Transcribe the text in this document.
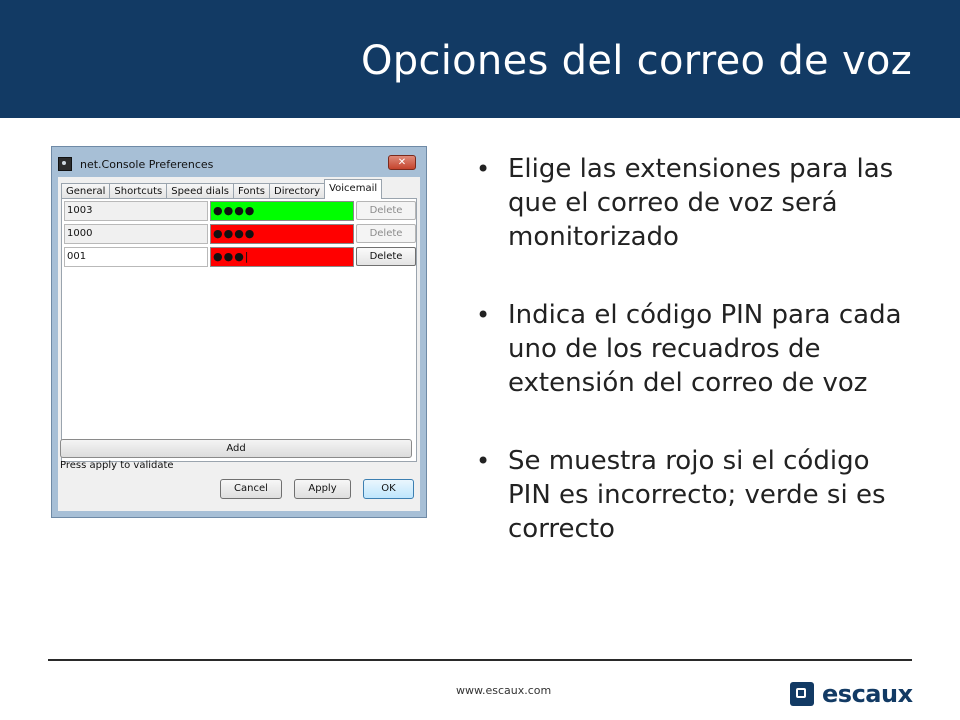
Opciones del correo de voz
net.Console Preferences	✕
General Shortcuts Speed dials Fonts Directory Voicemail
1003	●●●●	Delete
1000	●●●●	Delete
001	●●●|	Delete
Add
Press apply to validate
Cancel	Apply	OK
• Elige las extensiones para las que el correo de voz será monitorizado
• Indica el código PIN para cada uno de los recuadros de extensión del correo de voz
• Se muestra rojo si el código PIN es incorrecto; verde si es correcto
www.escaux.com	escaux
